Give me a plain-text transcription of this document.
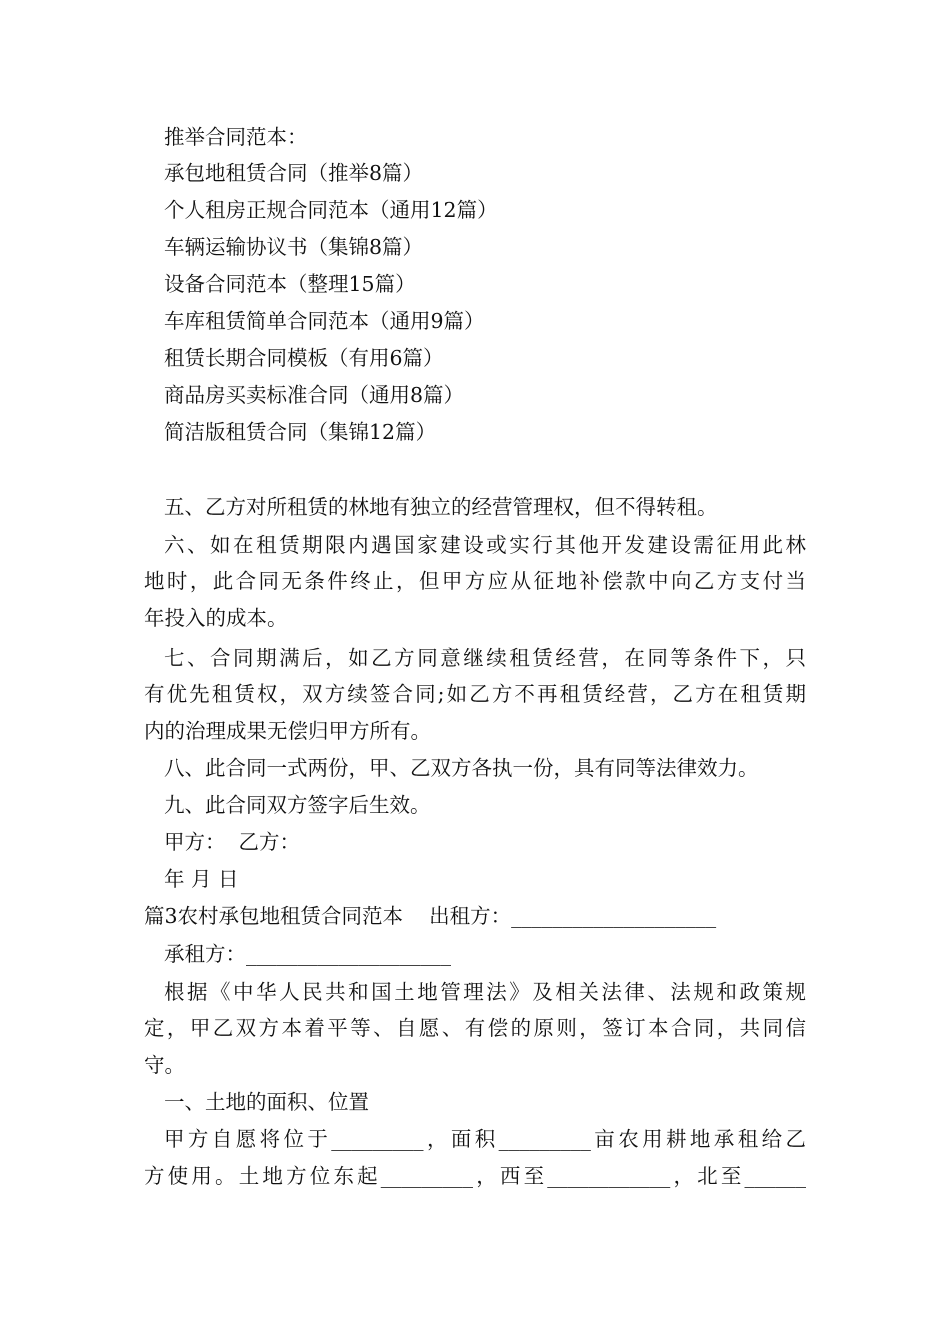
推举合同范本：
承包地租赁合同（推举8篇）
个人租房正规合同范本（通用12篇）
车辆运输协议书（集锦8篇）
设备合同范本（整理15篇）
车库租赁简单合同范本（通用9篇）
租赁长期合同模板（有用6篇）
商品房买卖标准合同（通用8篇）
简洁版租赁合同（集锦12篇）
五、乙方对所租赁的林地有独立的经营管理权，但不得转租。
六、如在租赁期限内遇国家建设或实行其他开发建设需征用此林
地时，此合同无条件终止，但甲方应从征地补偿款中向乙方支付当
年投入的成本。
七、合同期满后，如乙方同意继续租赁经营，在同等条件下，只
有优先租赁权，双方续签合同;如乙方不再租赁经营，乙方在租赁期
内的治理成果无偿归甲方所有。
八、此合同一式两份，甲、乙双方各执一份，具有同等法律效力。
九、此合同双方签字后生效。
甲方：  乙方：
年 月 日
篇3农村承包地租赁合同范本    出租方：____________________
承租方：____________________
根据《中华人民共和国土地管理法》及相关法律、法规和政策规
定，甲乙双方本着平等、自愿、有偿的原则，签订本合同，共同信
守。
一、土地的面积、位置
甲方自愿将位于_________，面积_________亩农用耕地承租给乙
方使用。土地方位东起_________，西至____________，北至______
